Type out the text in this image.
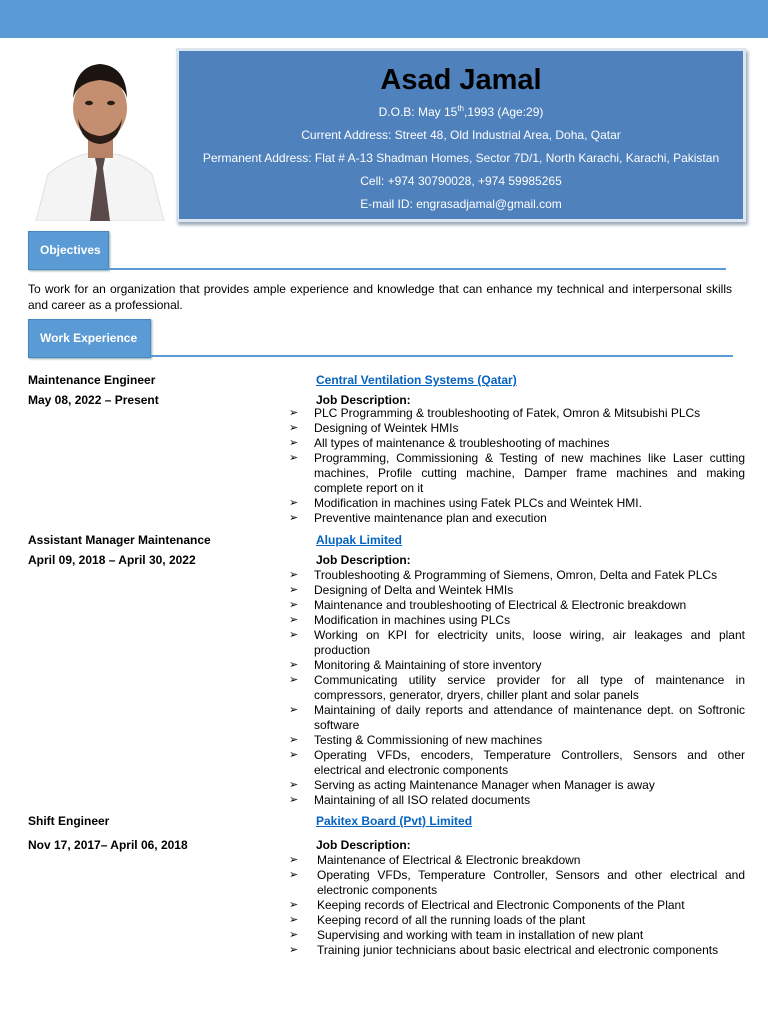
Asad Jamal
D.O.B: May 15th,1993 (Age:29)
Current Address: Street 48, Old Industrial Area, Doha, Qatar
Permanent Address: Flat # A-13 Shadman Homes, Sector 7D/1, North Karachi, Karachi, Pakistan
Cell: +974 30790028, +974 59985265
E-mail ID: engrasadjamal@gmail.com
Objectives
To work for an organization that provides ample experience and knowledge that can enhance my technical and interpersonal skills and career as a professional.
Work Experience
Maintenance Engineer
May 08, 2022 – Present
Central Ventilation Systems (Qatar)
Job Description:
➢ PLC Programming & troubleshooting of Fatek, Omron & Mitsubishi PLCs
➢ Designing of Weintek HMIs
➢ All types of maintenance & troubleshooting of machines
➢ Programming, Commissioning & Testing of new machines like Laser cutting machines, Profile cutting machine, Damper frame machines and making complete report on it
➢ Modification in machines using Fatek PLCs and Weintek HMI.
➢ Preventive maintenance plan and execution
Assistant Manager Maintenance
April 09, 2018 – April 30, 2022
Alupak Limited
Job Description:
➢ Troubleshooting & Programming of Siemens, Omron, Delta and Fatek PLCs
➢ Designing of Delta and Weintek HMIs
➢ Maintenance and troubleshooting of Electrical & Electronic breakdown
➢ Modification in machines using PLCs
➢ Working on KPI for electricity units, loose wiring, air leakages and plant production
➢ Monitoring & Maintaining of store inventory
➢ Communicating utility service provider for all type of maintenance in compressors, generator, dryers, chiller plant and solar panels
➢ Maintaining of daily reports and attendance of maintenance dept. on Softronic software
➢ Testing & Commissioning of new machines
➢ Operating VFDs, encoders, Temperature Controllers, Sensors and other electrical and electronic components
➢ Serving as acting Maintenance Manager when Manager is away
➢ Maintaining of all ISO related documents
Shift Engineer
Nov 17, 2017– April 06, 2018
Pakitex Board (Pvt) Limited
Job Description:
➢ Maintenance of Electrical & Electronic breakdown
➢ Operating VFDs, Temperature Controller, Sensors and other electrical and electronic components
➢ Keeping records of Electrical and Electronic Components of the Plant
➢ Keeping record of all the running loads of the plant
➢ Supervising and working with team in installation of new plant
➢ Training junior technicians about basic electrical and electronic components
